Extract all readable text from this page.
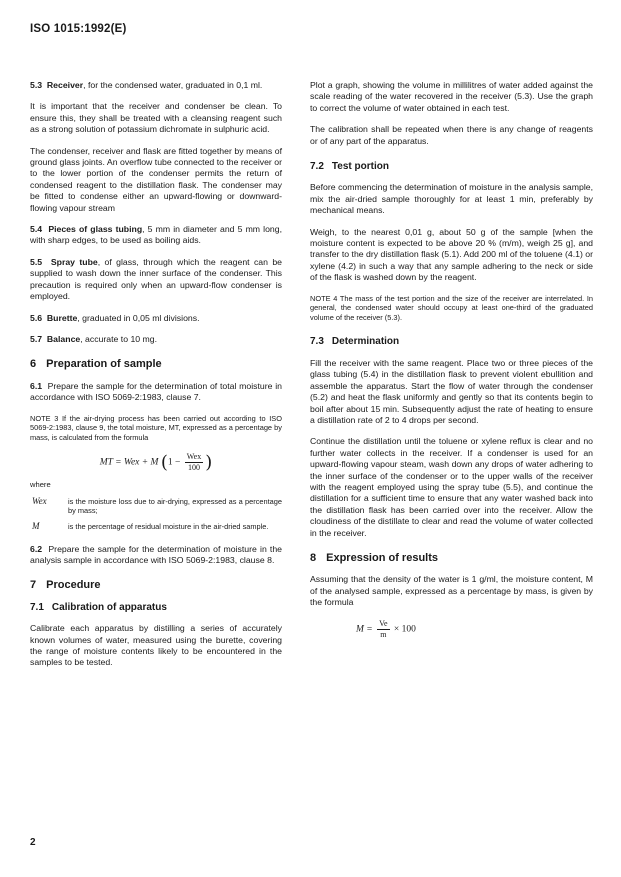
ISO 1015:1992(E)

5.3 Receiver, for the condensed water, graduated in 0,1 ml.

It is important that the receiver and condenser be clean. To ensure this, they shall be treated with a cleansing reagent such as a strong solution of potassium dichromate in sulphuric acid.

The condenser, receiver and flask are fitted together by means of ground glass joints. An overflow tube connected to the receiver or to the lower portion of the condenser permits the return of condensed reagent to the distillation flask. The condenser may be fitted to condense either an upward-flowing or downward-flowing vapour stream

5.4 Pieces of glass tubing, 5 mm in diameter and 5 mm long, with sharp edges, to be used as boiling aids.

5.5 Spray tube, of glass, through which the reagent can be supplied to wash down the inner surface of the condenser. This precaution is required only when an upward-flow condenser is employed.

5.6 Burette, graduated in 0,05 ml divisions.

5.7 Balance, accurate to 10 mg.

6 Preparation of sample

6.1 Prepare the sample for the determination of total moisture in accordance with ISO 5069-2:1983, clause 7.

NOTE 3 If the air-drying process has been carried out according to ISO 5069-2:1983, clause 9, the total moisture, MT, expressed as a percentage by mass, is calculated from the formula
MT = Wex + M ($1 - \frac{\text{Wex}}{100}$ )
where
Wex	is the moisture loss due to air-drying, expressed as a percentage by mass;
M	is the percentage of residual moisture in the air-dried sample.

6.2 Prepare the sample for the determination of moisture in the analysis sample in accordance with ISO 5069-2:1983, clause 8.

7 Procedure
7.1 Calibration of apparatus

Calibrate each apparatus by distilling a series of accurately known volumes of water, measured using the burette, covering the range of moisture contents likely to be encountered in the samples to be tested.

Plot a graph, showing the volume in millilitres of water added against the scale reading of the water recovered in the receiver (5.3). Use the graph to correct the volume of water obtained in each test.

The calibration shall be repeated when there is any change of reagents or of any part of the apparatus.

7.2 Test portion

Before commencing the determination of moisture in the analysis sample, mix the air-dried sample thoroughly for at least 1 min, preferably by mechanical means.

Weigh, to the nearest 0,01 g, about 50 g of the sample [when the moisture content is expected to be above 20 % (m/m), weigh 25 g], and transfer to the dry distillation flask (5.1). Add 200 ml of the toluene (4.1) or xylene (4.2) in such a way that any sample adhering to the neck or side of the flask is washed down by the reagent.

NOTE 4 The mass of the test portion and the size of the receiver are interrelated. In general, the condensed water should occupy at least one-third of the graduated volume of the receiver (5.3).
7.3 Determination

Fill the receiver with the same reagent. Place two or three pieces of the glass tubing (5.4) in the distillation flask to prevent violent ebullition and assemble the apparatus. Start the flow of water through the condenser (5.2) and heat the flask uniformly and gently so that its contents begin to boil after about 15 min. Subsequently adjust the rate of heating to ensure a distillation rate of 2 to 4 drops per second.

Continue the distillation until the toluene or xylene reflux is clear and no further water collects in the receiver. If a condenser is used for an upward-flowing vapour steam, wash down any drops of water adhering to the inner surface of the condenser or to the upper walls of the receiver with the reagent employed using the spray tube (5.5), and continue the distillation for a sufficient time to ensure that any water washed back into the distillation flask has been carried over into the receiver. Allow the cloudiness of the distillate to clear and read the volume of water collected in the receiver.

8 Expression of results

Assuming that the density of the water is 1 g/ml, the moisture content, M of the analysed sample, expressed as a percentage by mass, is given by the formula

$M = \frac{Ve}{m} \times 100$
2
